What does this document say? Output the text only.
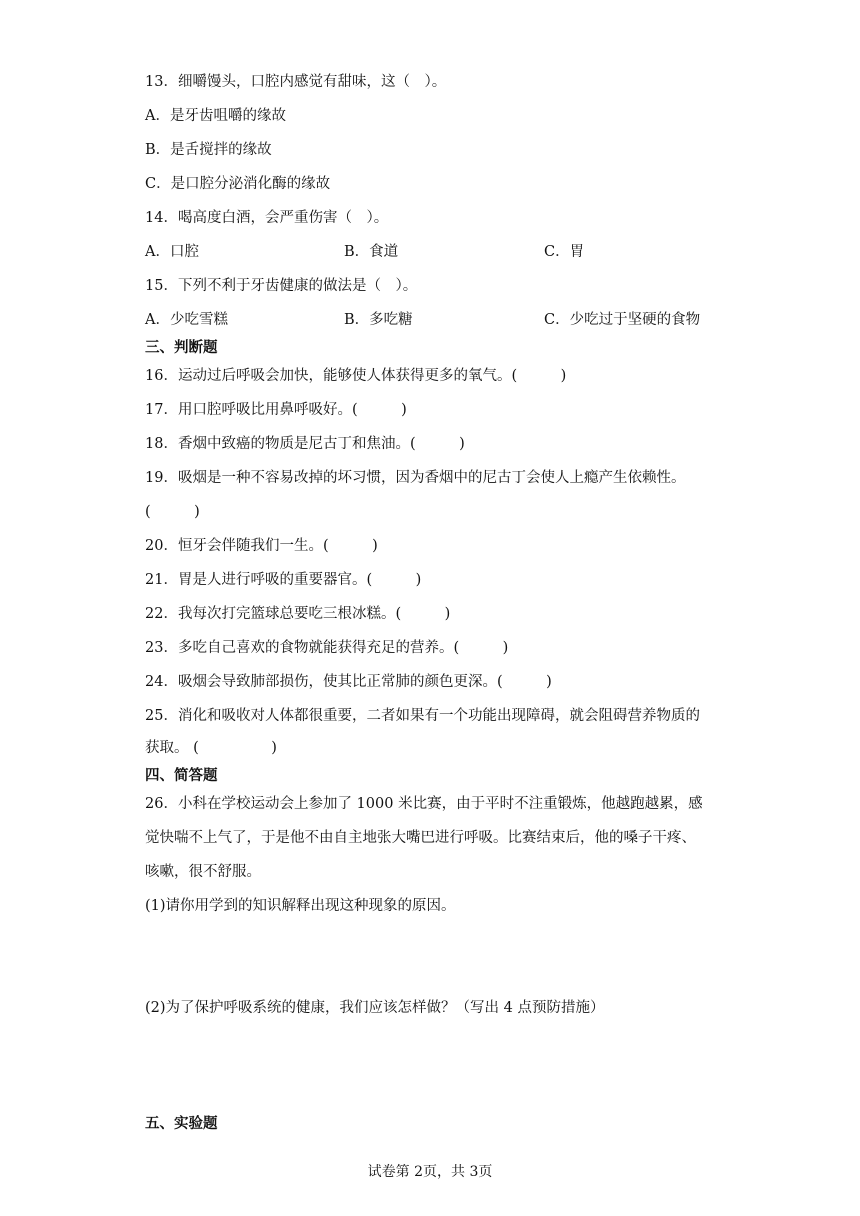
13．细嚼馒头，口腔内感觉有甜味，这（　）。
A．是牙齿咀嚼的缘故
B．是舌搅拌的缘故
C．是口腔分泌消化酶的缘故
14．喝高度白酒，会严重伤害（　）。
A．口腔	B．食道	C．胃
15．下列不利于牙齿健康的做法是（　）。
A．少吃雪糕	B．多吃糖	C．少吃过于坚硬的食物
三、判断题
16．运动过后呼吸会加快，能够使人体获得更多的氧气。(　　　)
17．用口腔呼吸比用鼻呼吸好。(　　　)
18．香烟中致癌的物质是尼古丁和焦油。(　　　)
19．吸烟是一种不容易改掉的坏习惯，因为香烟中的尼古丁会使人上瘾产生依赖性。
(　　　)
20．恒牙会伴随我们一生。(　　　)
21．胃是人进行呼吸的重要器官。(　　　)
22．我每次打完篮球总要吃三根冰糕。(　　　)
23．多吃自己喜欢的食物就能获得充足的营养。(　　　)
24．吸烟会导致肺部损伤，使其比正常肺的颜色更深。(　　　)
25．消化和吸收对人体都很重要，二者如果有一个功能出现障碍，就会阻碍营养物质的
获取。 (　　　　　)
四、简答题
26．小科在学校运动会上参加了 1000 米比赛，由于平时不注重锻炼，他越跑越累，感
觉快喘不上气了，于是他不由自主地张大嘴巴进行呼吸。比赛结束后，他的嗓子干疼、
咳嗽，很不舒服。
(1)请你用学到的知识解释出现这种现象的原因。
(2)为了保护呼吸系统的健康，我们应该怎样做？（写出 4 点预防措施）
五、实验题
试卷第 2页，共 3页
